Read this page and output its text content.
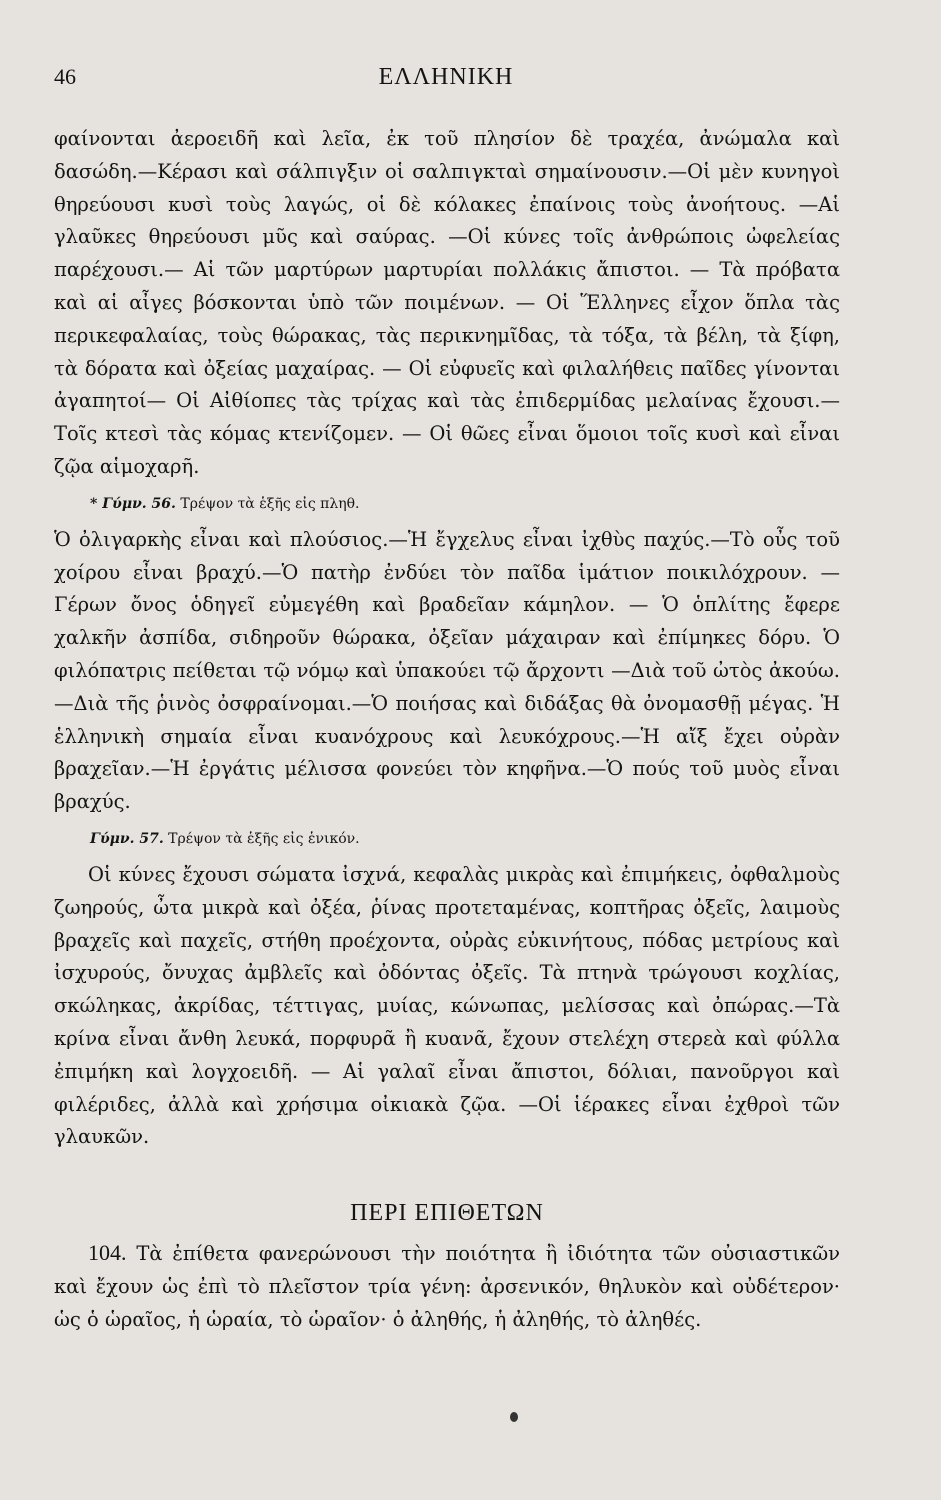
46	ΕΛΛΗΝΙΚΗ

φαίνονται ἀεροειδῆ καὶ λεῖα, ἐκ τοῦ πλησίον δὲ τραχέα, ἀνώμαλα καὶ δασώδη.—Κέρασι καὶ σάλπιγξιν οἱ σαλπιγκταὶ σημαίνουσιν.—Οἱ μὲν κυνηγοὶ θηρεύουσι κυσὶ τοὺς λαγώς, οἱ δὲ κόλακες ἐπαίνοις τοὺς ἀνοήτους. —Αἱ γλαῦκες θηρεύουσι μῦς καὶ σαύρας. —Οἱ κύνες τοῖς ἀνθρώποις ὠφελείας παρέχουσι.— Αἱ τῶν μαρτύρων μαρτυρίαι πολλάκις ἄπιστοι. — Τὰ πρόβατα καὶ αἱ αἶγες βόσκονται ὑπὸ τῶν ποιμένων. — Οἱ Ἕλληνες εἶχον ὅπλα τὰς περικεφαλαίας, τοὺς θώρακας, τὰς περικνημῖδας, τὰ τόξα, τὰ βέλη, τὰ ξίφη, τὰ δόρατα καὶ ὀξείας μαχαίρας. — Οἱ εὐφυεῖς καὶ φιλαλήθεις παῖδες γίνονται ἀγαπητοί— Οἱ Αἰθίοπες τὰς τρίχας καὶ τὰς ἐπιδερμίδας μελαίνας ἔχουσι.—Τοῖς κτεσὶ τὰς κόμας κτενίζομεν. — Οἱ θῶες εἶναι ὅμοιοι τοῖς κυσὶ καὶ εἶναι ζῷα αἱμοχαρῆ.

* Γύμν. 56. Τρέψον τὰ ἑξῆς εἰς πληθ.

Ὁ ὀλιγαρκὴς εἶναι καὶ πλούσιος.—Ἡ ἔγχελυς εἶναι ἰχθὺς παχύς.—Τὸ οὖς τοῦ χοίρου εἶναι βραχύ.—Ὁ πατὴρ ἐνδύει τὸν παῖδα ἱμάτιον ποικιλόχρουν. — Γέρων ὄνος ὁδηγεῖ εὐμεγέθη καὶ βραδεῖαν κάμηλον. — Ὁ ὁπλίτης ἔφερε χαλκῆν ἀσπίδα, σιδηροῦν θώρακα, ὀξεῖαν μάχαιραν καὶ ἐπίμηκες δόρυ. Ὁ φιλόπατρις πείθεται τῷ νόμῳ καὶ ὑπακούει τῷ ἄρχοντι —Διὰ τοῦ ὠτὸς ἀκούω.—Διὰ τῆς ῥινὸς ὀσφραίνομαι.—Ὁ ποιήσας καὶ διδάξας θὰ ὀνομασθῇ μέγας. Ἡ ἑλληνικὴ σημαία εἶναι κυανόχρους καὶ λευκόχρους.—Ἡ αἴξ ἔχει οὐρὰν βραχεῖαν.—Ἡ ἐργάτις μέλισσα φονεύει τὸν κηφῆνα.—Ὁ πούς τοῦ μυὸς εἶναι βραχύς.

Γύμν. 57. Τρέψον τὰ ἑξῆς εἰς ἑνικόν.

Οἱ κύνες ἔχουσι σώματα ἰσχνά, κεφαλὰς μικρὰς καὶ ἐπιμήκεις, ὀφθαλμοὺς ζωηρούς, ὦτα μικρὰ καὶ ὀξέα, ῥίνας προτεταμένας, κοπτῆρας ὀξεῖς, λαιμοὺς βραχεῖς καὶ παχεῖς, στήθη προέχοντα, οὐρὰς εὐκινήτους, πόδας μετρίους καὶ ἰσχυρούς, ὄνυχας ἀμβλεῖς καὶ ὀδόντας ὀξεῖς. Τὰ πτηνὰ τρώγουσι κοχλίας, σκώληκας, ἀκρίδας, τέττιγας, μυίας, κώνωπας, μελίσσας καὶ ὀπώρας.—Τὰ κρίνα εἶναι ἄνθη λευκά, πορφυρᾶ ἢ κυανᾶ, ἔχουν στελέχη στερεὰ καὶ φύλλα ἐπιμήκη καὶ λογχοειδῆ. — Αἱ γαλαῖ εἶναι ἄπιστοι, δόλιαι, πανοῦργοι καὶ φιλέριδες, ἀλλὰ καὶ χρήσιμα οἰκιακὰ ζῷα. —Οἱ ἱέρακες εἶναι ἐχθροὶ τῶν γλαυκῶν.

ΠΕΡΙ ΕΠΙΘΕΤΩΝ

104. Τὰ ἐπίθετα φανερώνουσι τὴν ποιότητα ἢ ἰδιότητα τῶν οὐσιαστικῶν καὶ ἔχουν ὡς ἐπὶ τὸ πλεῖστον τρία γένη: ἀρσενικόν, θηλυκὸν καὶ οὐδέτερον· ὡς ὁ ὡραῖος, ἡ ὡραία, τὸ ὡραῖον· ὁ ἀληθής, ἡ ἀληθής, τὸ ἀληθές.
